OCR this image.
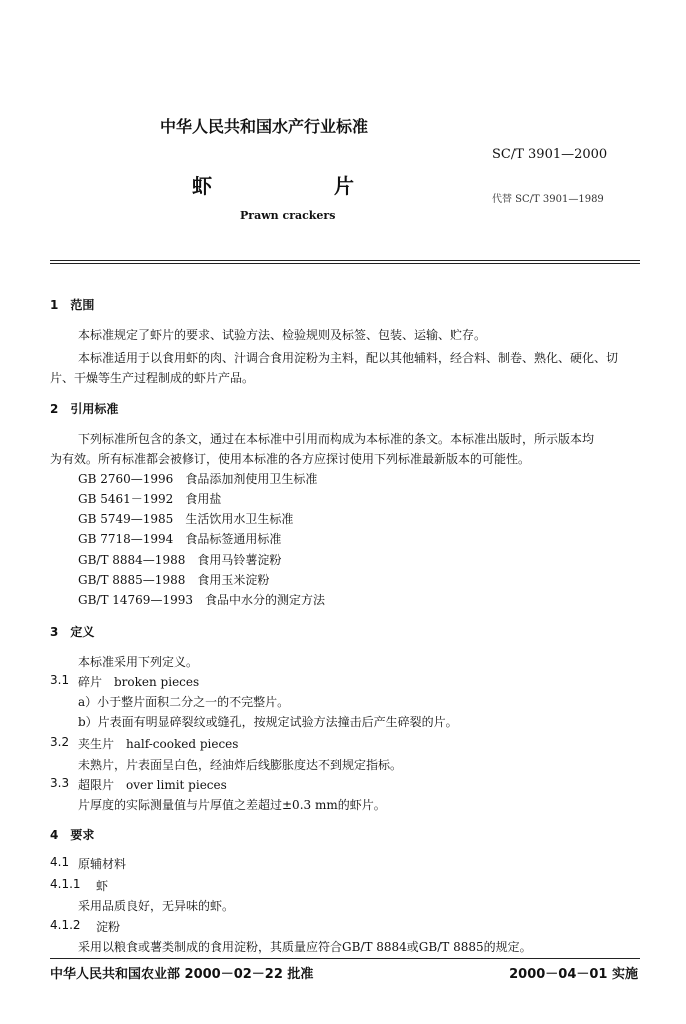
中华人民共和国水产行业标准
SC/T 3901—2000
虾	片
代替 SC/T 3901—1989
Prawn crackers
1　范围
本标准规定了虾片的要求、试验方法、检验规则及标签、包装、运输、贮存。
本标准适用于以食用虾的肉、汁调合食用淀粉为主料，配以其他辅料，经合料、制卷、熟化、硬化、切
片、干燥等生产过程制成的虾片产品。
2　引用标准
下列标准所包含的条文，通过在本标准中引用而构成为本标准的条文。本标准出版时，所示版本均
为有效。所有标准都会被修订，使用本标准的各方应探讨使用下列标准最新版本的可能性。
GB 2760—1996　 食品添加剂使用卫生标准
GB 5461－1992　 食用盐
GB 5749—1985　 生活饮用水卫生标准
GB 7718—1994　 食品标签通用标准
GB/T 8884—1988　 食用马铃薯淀粉
GB/T 8885—1988　 食用玉米淀粉
GB/T 14769—1993　 食品中水分的测定方法
3　定义
本标准采用下列定义。
3.1 碎片　broken pieces
a）小于整片面积二分之一的不完整片。
b）片表面有明显碎裂纹或缝孔，按规定试验方法撞击后产生碎裂的片。
3.2 夹生片　half-cooked pieces
未熟片，片表面呈白色，经油炸后线膨胀度达不到规定指标。
3.3 超限片　over limit pieces
片厚度的实际测量值与片厚值之差超过±0.3 mm的虾片。
4　要求
4.1 原辅材料
4.1.1 虾
采用品质良好，无异味的虾。
4.1.2 淀粉
采用以粮食或薯类制成的食用淀粉，其质量应符合GB/T 8884或GB/T 8885的规定。
中华人民共和国农业部 2000－02－22 批准	2000－04－01 实施
